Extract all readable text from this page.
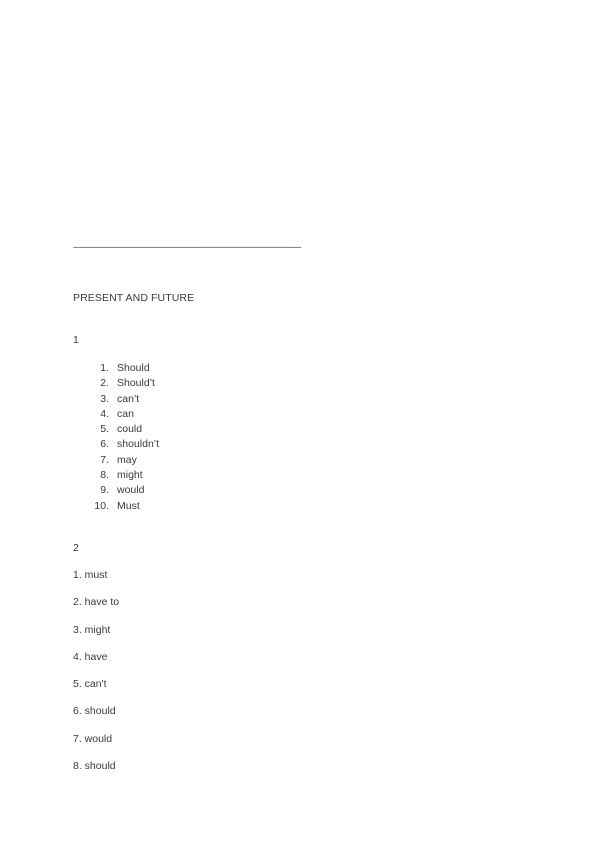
------------------------------------------------------------------------------------------------------------------
PRESENT AND FUTURE
1
1. Should
2. Should’t
3. can’t
4. can
5. could
6. shouldn’t
7. may
8. might
9. would
10. Must
2
1. must
2. have to
3. might
4. have
5. can't
6. should
7. would
8. should
